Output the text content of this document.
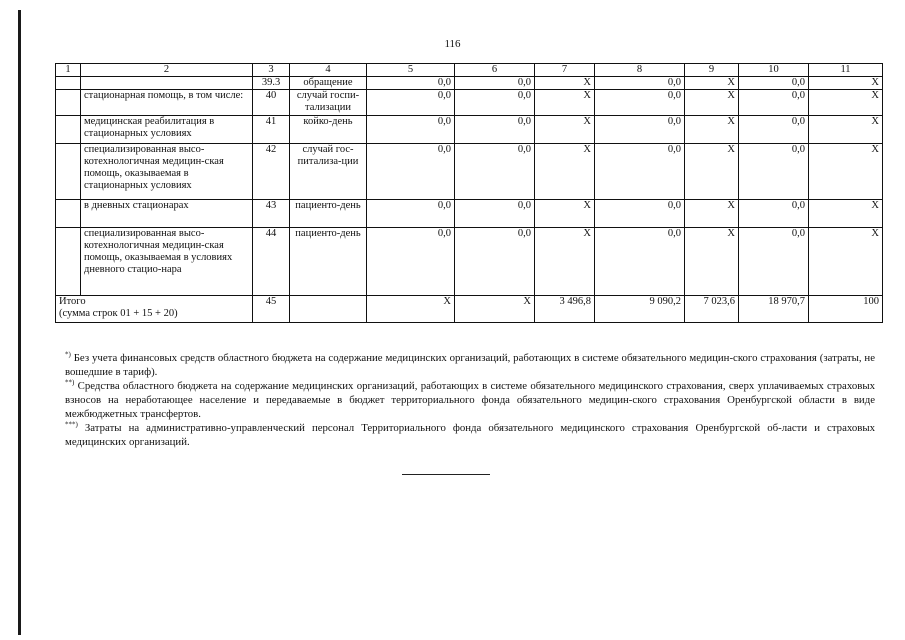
116
1	2	3	4	5	6	7	8	9	10	11
		39.3	обращение	0,0	0,0	Х	0,0	Х	0,0	Х
	стационарная помощь, в том числе:	40	случай госпи-тализации	0,0	0,0	Х	0,0	Х	0,0	Х
	медицинская реабилитация в стационарных условиях	41	койко-день	0,0	0,0	Х	0,0	Х	0,0	Х
	специализированная высо-котехнологичная медицин-ская помощь, оказываемая в стационарных условиях	42	случай гос-питализа-ции	0,0	0,0	Х	0,0	Х	0,0	Х
	в дневных стационарах	43	пациенто-день	0,0	0,0	Х	0,0	Х	0,0	Х
	специализированная высо-котехнологичная медицин-ская помощь, оказываемая в условиях дневного стацио-нара	44	пациенто-день	0,0	0,0	Х	0,0	Х	0,0	Х

Итого
(сумма строк 01 + 15 + 20)		45		Х	Х	3 496,8	9 090,2	7 023,6	18 970,7	100

*) Без учета финансовых средств областного бюджета на содержание медицинских организаций, работающих в системе обязательного медицин-ского страхования (затраты, не вошедшие в тариф).

**) Средства областного бюджета на содержание медицинских организаций, работающих в системе обязательного медицинского страхования, сверх уплачиваемых страховых взносов на неработающее население и передаваемые в бюджет территориального фонда обязательного медицин-ского страхования Оренбургской области в виде межбюджетных трансфертов.

***) Затраты на административно-управленческий персонал Территориального фонда обязательного медицинского страхования Оренбургской об-ласти и страховых медицинских организаций.
